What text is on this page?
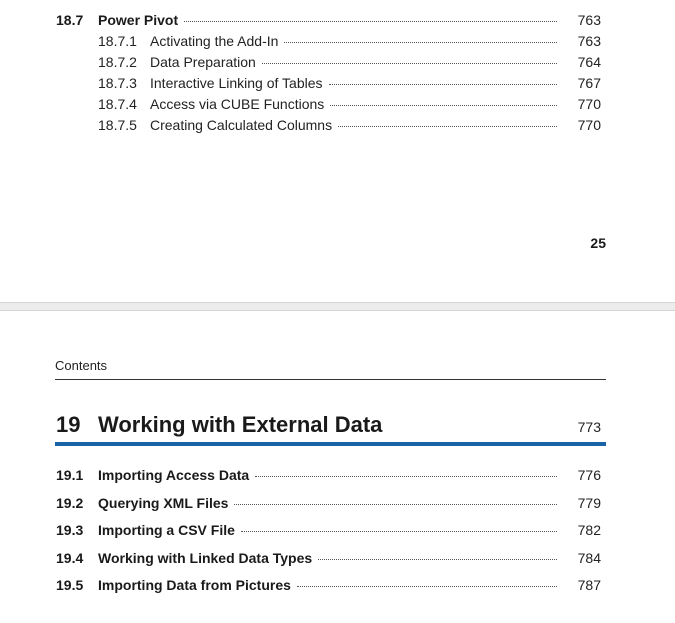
18.7	Power Pivot	763
18.7.1 Activating the Add-In	763
18.7.2 Data Preparation	764
18.7.3 Interactive Linking of Tables	767
18.7.4 Access via CUBE Functions	770
18.7.5 Creating Calculated Columns	770
25
Contents
19 Working with External Data	773
19.1	Importing Access Data	776
19.2	Querying XML Files	779
19.3	Importing a CSV File	782
19.4	Working with Linked Data Types	784
19.5	Importing Data from Pictures	787
